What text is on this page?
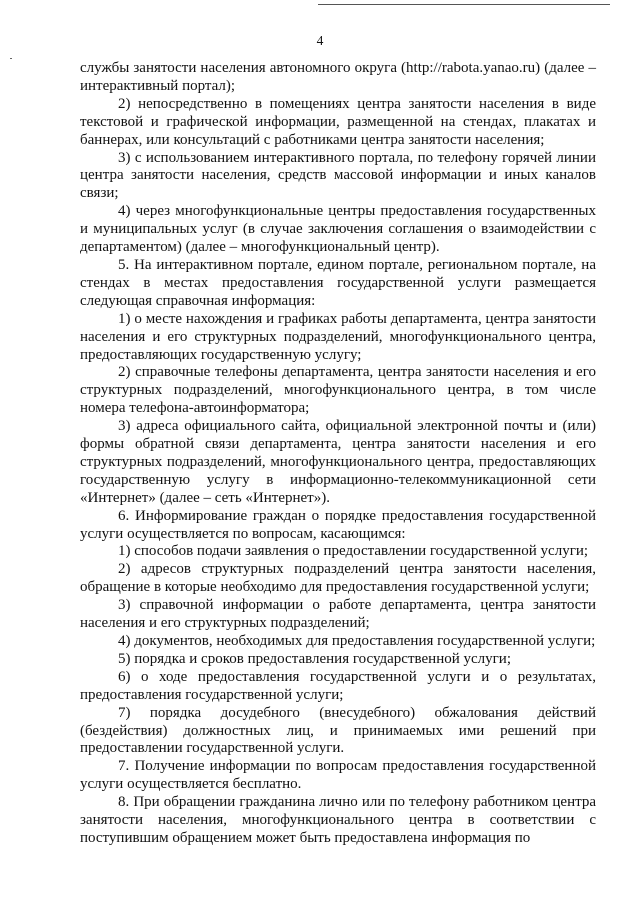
4

службы занятости населения автономного округа (http://rabota.yanao.ru) (далее – интерактивный портал);

2) непосредственно в помещениях центра занятости населения в виде текстовой и графической информации, размещенной на стендах, плакатах и баннерах, или консультаций с работниками центра занятости населения;

3) с использованием интерактивного портала, по телефону горячей линии центра занятости населения, средств массовой информации и иных каналов связи;

4) через многофункциональные центры предоставления государственных и муниципальных услуг (в случае заключения соглашения о взаимодействии с департаментом) (далее – многофункциональный центр).

5. На интерактивном портале, едином портале, региональном портале, на стендах в местах предоставления государственной услуги размещается следующая справочная информация:

1) о месте нахождения и графиках работы департамента, центра занятости населения и его структурных подразделений, многофункционального центра, предоставляющих государственную услугу;

2) справочные телефоны департамента, центра занятости населения и его структурных подразделений, многофункционального центра, в том числе номера телефона-автоинформатора;

3) адреса официального сайта, официальной электронной почты и (или) формы обратной связи департамента, центра занятости населения и его структурных подразделений, многофункционального центра, предоставляющих государственную услугу в информационно-телекоммуникационной сети «Интернет» (далее – сеть «Интернет»).

6. Информирование граждан о порядке предоставления государственной услуги осуществляется по вопросам, касающимся:

1) способов подачи заявления о предоставлении государственной услуги;

2) адресов структурных подразделений центра занятости населения, обращение в которые необходимо для предоставления государственной услуги;

3) справочной информации о работе департамента, центра занятости населения и его структурных подразделений;

4) документов, необходимых для предоставления государственной услуги;

5) порядка и сроков предоставления государственной услуги;

6) о ходе предоставления государственной услуги и о результатах, предоставления государственной услуги;

7) порядка досудебного (внесудебного) обжалования действий (бездействия) должностных лиц, и принимаемых ими решений при предоставлении государственной услуги.

7. Получение информации по вопросам предоставления государственной услуги осуществляется бесплатно.

8. При обращении гражданина лично или по телефону работником центра занятости населения, многофункционального центра в соответствии с поступившим обращением может быть предоставлена информация по
